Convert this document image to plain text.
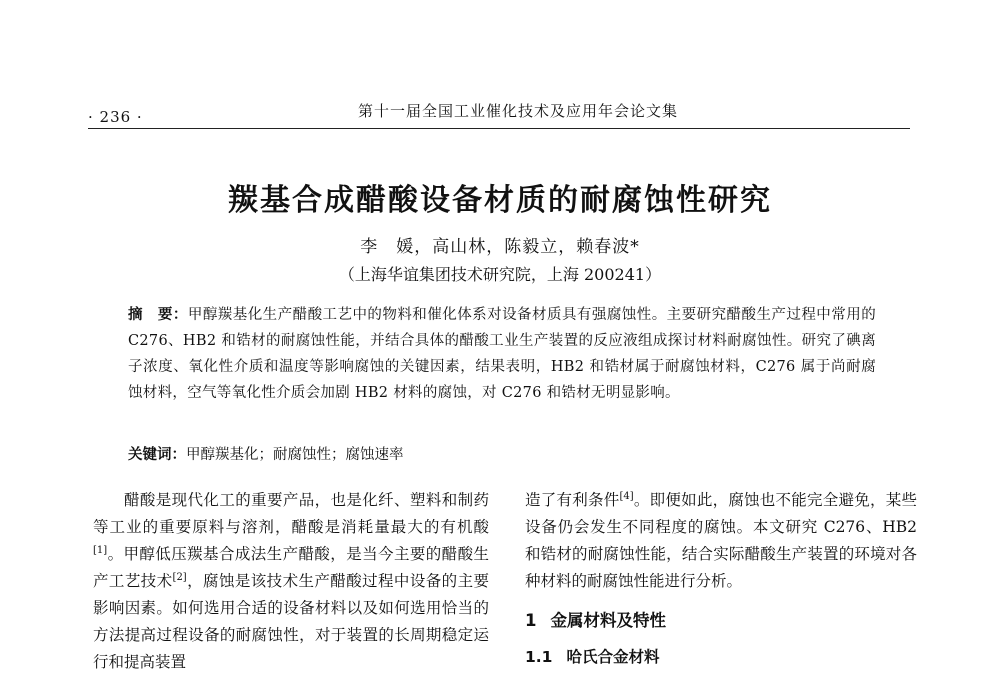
· 236 ·	第十一届全国工业催化技术及应用年会论文集
羰基合成醋酸设备材质的耐腐蚀性研究
李　媛，高山林，陈毅立，赖春波*
（上海华谊集团技术研究院，上海 200241）
摘　要：甲醇羰基化生产醋酸工艺中的物料和催化体系对设备材质具有强腐蚀性。主要研究醋酸生产过程中常用的 C276、HB2 和锆材的耐腐蚀性能，并结合具体的醋酸工业生产装置的反应液组成探讨材料耐腐蚀性。研究了碘离子浓度、氧化性介质和温度等影响腐蚀的关键因素，结果表明，HB2 和锆材属于耐腐蚀材料，C276 属于尚耐腐蚀材料，空气等氧化性介质会加剧 HB2 材料的腐蚀，对 C276 和锆材无明显影响。
关键词：甲醇羰基化；耐腐蚀性；腐蚀速率

醋酸是现代化工的重要产品，也是化纤、塑料和制药等工业的重要原料与溶剂，醋酸是消耗量最大的有机酸[1]。甲醇低压羰基合成法生产醋酸，是当今主要的醋酸生产工艺技术[2]，腐蚀是该技术生产醋酸过程中设备的主要影响因素。如何选用合适的设备材料以及如何选用恰当的方法提高过程设备的耐腐蚀性，对于装置的长周期稳定运行和提高装置

造了有利条件[4]。即便如此，腐蚀也不能完全避免，某些设备仍会发生不同程度的腐蚀。本文研究 C276、HB2 和锆材的耐腐蚀性能，结合实际醋酸生产装置的环境对各种材料的耐腐蚀性能进行分析。

1 金属材料及特性
1.1 哈氏合金材料
